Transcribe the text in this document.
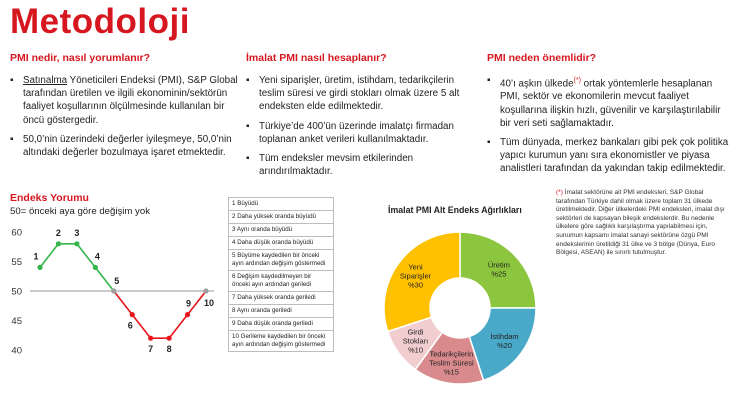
Metodoloji
PMI nedir, nasıl yorumlanır?
▪ Satınalma Yöneticileri Endeksi (PMI), S&P Global tarafından üretilen ve ilgili ekonominin/sektörün faaliyet koşullarının ölçülmesinde kullanılan bir öncü göstergedir.
▪ 50,0’nin üzerindeki değerler iyileşmeye, 50,0’nin altındaki değerler bozulmaya işaret etmektedir.
İmalat PMI nasıl hesaplanır?
▪ Yeni siparişler, üretim, istihdam, tedarikçilerin teslim süresi ve girdi stokları olmak üzere 5 alt endeksten elde edilmektedir.
▪ Türkiye’de 400’ün üzerinde imalatçı firmadan toplanan anket verileri kullanılmaktadır.
▪ Tüm endeksler mevsim etkilerinden arındırılmaktadır.
PMI neden önemlidir?
▪ 40’ı aşkın ülkede(*) ortak yöntemlerle hesaplanan PMI, sektör ve ekonomilerin mevcut faaliyet koşullarına ilişkin hızlı, güvenilir ve karşılaştırılabilir bir veri seti sağlamaktadır.
▪ Tüm dünyada, merkez bankaları gibi pek çok politika yapıcı kurumun yanı sıra ekonomistler ve piyasa analistleri tarafından da yakından takip edilmektedir.
Endeks Yorumu
50= önceki aya göre değişim yok
40
45
50
55
60
1
2 3
4
5
6
7 8
9 10
1 Büyüdü
2 Daha yüksek oranda büyüdü
3 Aynı oranda büyüdü
4 Daha düşük oranda büyüdü
5 Büyüme kaydedilen bir önceki ayın ardından değişim göstermedi
6 Değişim kaydedilmeyen bir önceki ayın ardından geriledi
7 Daha yüksek oranda geriledi
8 Aynı oranda geriledi
9 Daha düşük oranda geriledi
10 Gerileme kaydedilen bir önceki ayın ardından değişim göstermedi
İmalat PMI Alt Endeks Ağırlıkları
Üretim
%25
İstihdam
%20
Tedarikçilerin Teslim Süresi
%15
Girdi Stokları
%10
Yeni Siparişler
%30
(*) İmalat sektörüne ait PMI endeksleri, S&P Global tarafından Türkiye dahil olmak üzere toplam 31 ülkede üretilmektedir. Diğer ülkelerdeki PMI endeksleri, imalat dışı sektörleri de kapsayan bileşik endekslerdir. Bu nedenle ülkelere göre sağlıklı karşılaştırma yapılabilmesi için, sunumun kapsamı imalat sanayi sektörüne özgü PMI endekslerinin üretildiği 31 ülke ve 3 bölge (Dünya, Euro Bölgesi, ASEAN) ile sınırlı tutulmuştur.
